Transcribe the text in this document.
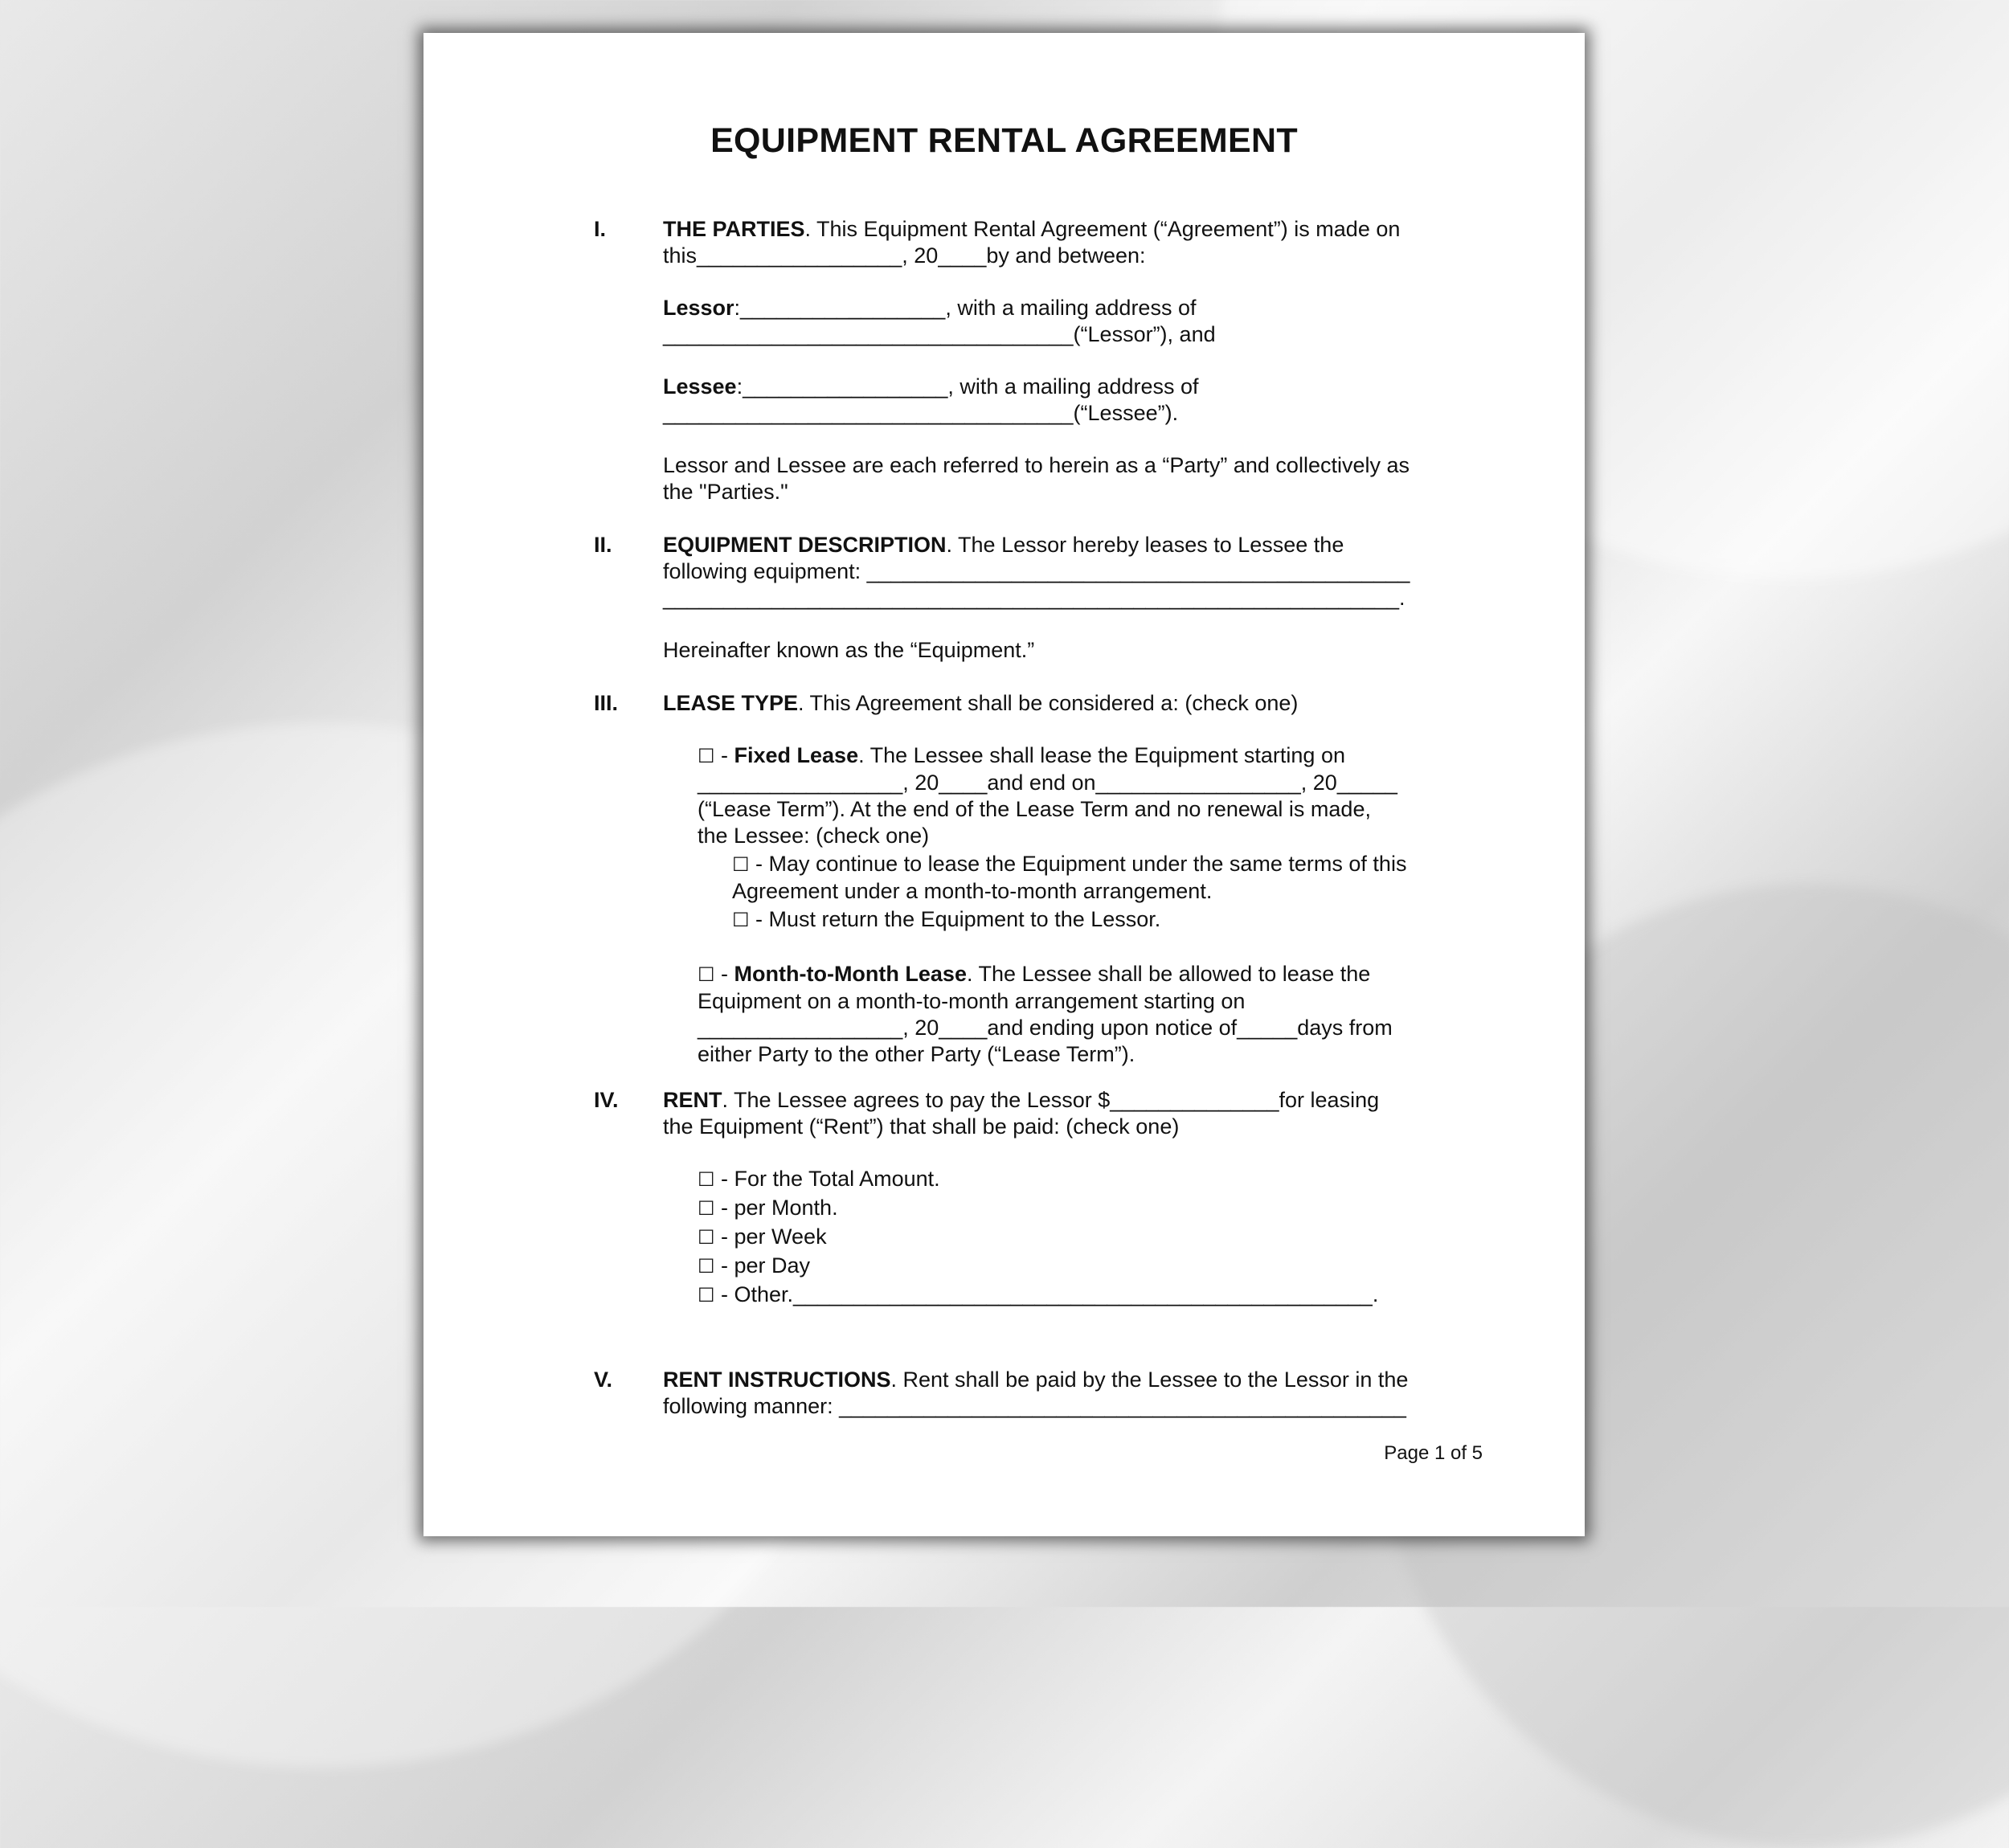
EQUIPMENT RENTAL AGREEMENT
I.	THE PARTIES. This Equipment Rental Agreement (“Agreement”) is made on

this_________________, 20____by and between:

Lessor:_________________, with a mailing address of

__________________________________(“Lessor”), and

Lessee:_________________, with a mailing address of

__________________________________(“Lessee”).

Lessor and Lessee are each referred to herein as a “Party” and collectively as

the "Parties."

II. EQUIPMENT DESCRIPTION. The Lessor hereby leases to Lessee the

following equipment: _____________________________________________

_____________________________________________________________.

Hereinafter known as the “Equipment.”

III. LEASE TYPE. This Agreement shall be considered a: (check one)

☐ - Fixed Lease. The Lessee shall lease the Equipment starting on

_________________, 20____and end on_________________, 20_____

(“Lease Term”). At the end of the Lease Term and no renewal is made,

the Lessee: (check one)

☐ - May continue to lease the Equipment under the same terms of this

Agreement under a month-to-month arrangement.

☐ - Must return the Equipment to the Lessor.

☐ - Month-to-Month Lease. The Lessee shall be allowed to lease the

Equipment on a month-to-month arrangement starting on

_________________, 20____and ending upon notice of_____days from

either Party to the other Party (“Lease Term”).

IV. RENT. The Lessee agrees to pay the Lessor $______________for leasing

the Equipment (“Rent”) that shall be paid: (check one)

☐ - For the Total Amount.

☐ - per Month.

☐ - per Week

☐ - per Day

☐ - Other.________________________________________________.

V. RENT INSTRUCTIONS. Rent shall be paid by the Lessee to the Lessor in the

following manner: _______________________________________________

Page 1 of 5
